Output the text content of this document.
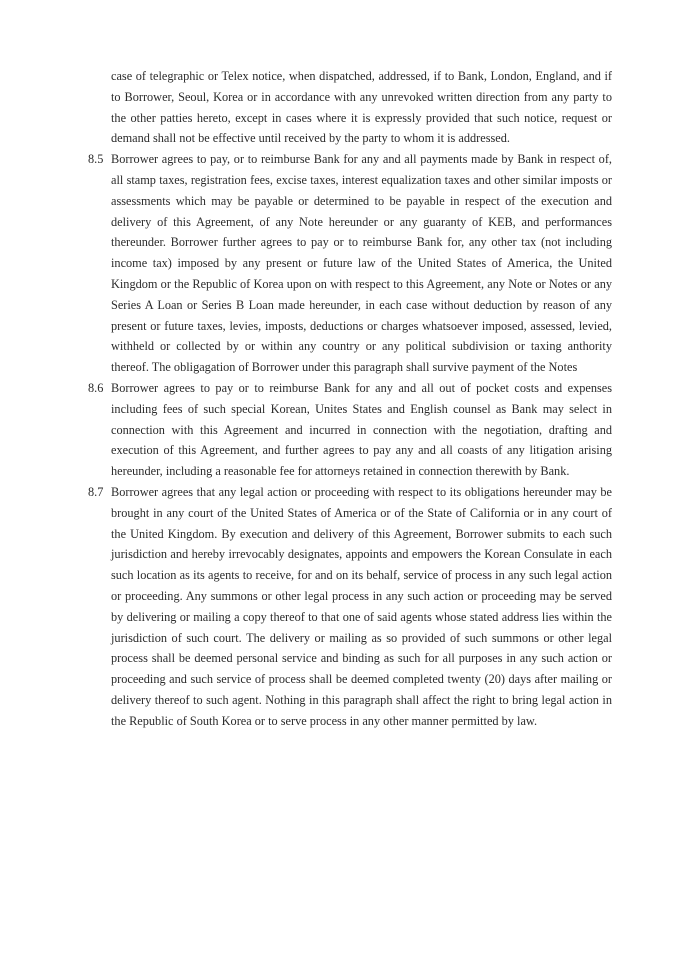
case of telegraphic or Telex notice, when dispatched, addressed, if to Bank, London, England, and if to Borrower, Seoul, Korea or in accordance with any unrevoked written direction from any party to the other patties hereto, except in cases where it is expressly provided that such notice, request or demand shall not be effective until received by the party to whom it is addressed.

8.5 Borrower agrees to pay, or to reimburse Bank for any and all payments made by Bank in respect of, all stamp taxes, registration fees, excise taxes, interest equalization taxes and other similar imposts or assessments which may be payable or determined to be payable in respect of the execution and delivery of this Agreement, of any Note hereunder or any guaranty of KEB, and performances thereunder. Borrower further agrees to pay or to reimburse Bank for, any other tax (not including income tax) imposed by any present or future law of the United States of America, the United Kingdom or the Republic of Korea upon on with respect to this Agreement, any Note or Notes or any Series A Loan or Series B Loan made hereunder, in each case without deduction by reason of any present or future taxes, levies, imposts, deductions or charges whatsoever imposed, assessed, levied, withheld or collected by or within any country or any political subdivision or taxing anthority thereof. The obligagation of Borrower under this paragraph shall survive payment of the Notes

8.6 Borrower agrees to pay or to reimburse Bank for any and all out of pocket costs and expenses including fees of such special Korean, Unites States and English counsel as Bank may select in connection with this Agreement and incurred in connection with the negotiation, drafting and execution of this Agreement, and further agrees to pay any and all coasts of any litigation arising hereunder, including a reasonable fee for attorneys retained in connection therewith by Bank.

8.7 Borrower agrees that any legal action or proceeding with respect to its obligations hereunder may be brought in any court of the United States of America or of the State of California or in any court of the United Kingdom. By execution and delivery of this Agreement, Borrower submits to each such jurisdiction and hereby irrevocably designates, appoints and empowers the Korean Consulate in each such location as its agents to receive, for and on its behalf, service of process in any such legal action or proceeding. Any summons or other legal process in any such action or proceeding may be served by delivering or mailing a copy thereof to that one of said agents whose stated address lies within the jurisdiction of such court. The delivery or mailing as so provided of such summons or other legal process shall be deemed personal service and binding as such for all purposes in any such action or proceeding and such service of process shall be deemed completed twenty (20) days after mailing or delivery thereof to such agent. Nothing in this paragraph shall affect the right to bring legal action in the Republic of South Korea or to serve process in any other manner permitted by law.
